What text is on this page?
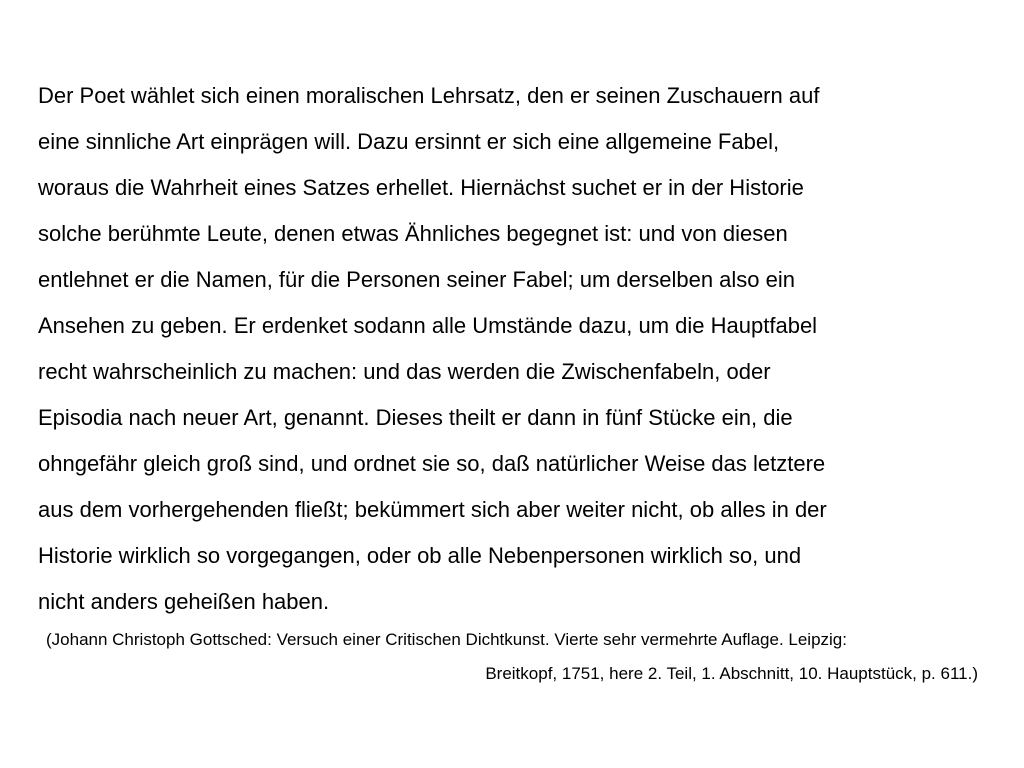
Der Poet wählet sich einen moralischen Lehrsatz, den er seinen Zuschauern auf
eine sinnliche Art einprägen will. Dazu ersinnt er sich eine allgemeine Fabel,
woraus die Wahrheit eines Satzes erhellet. Hiernächst suchet er in der Historie
solche berühmte Leute, denen etwas Ähnliches begegnet ist: und von diesen
entlehnet er die Namen, für die Personen seiner Fabel; um derselben also ein
Ansehen zu geben. Er erdenket sodann alle Umstände dazu, um die Hauptfabel
recht wahrscheinlich zu machen: und das werden die Zwischenfabeln, oder
Episodia nach neuer Art, genannt. Dieses theilt er dann in fünf Stücke ein, die
ohngefähr gleich groß sind, und ordnet sie so, daß natürlicher Weise das letztere
aus dem vorhergehenden fließt; bekümmert sich aber weiter nicht, ob alles in der
Historie wirklich so vorgegangen, oder ob alle Nebenpersonen wirklich so, und
nicht anders geheißen haben.
(Johann Christoph Gottsched: Versuch einer Critischen Dichtkunst. Vierte sehr vermehrte Auflage. Leipzig:
Breitkopf, 1751, here 2. Teil, 1. Abschnitt, 10. Hauptstück, p. 611.)
